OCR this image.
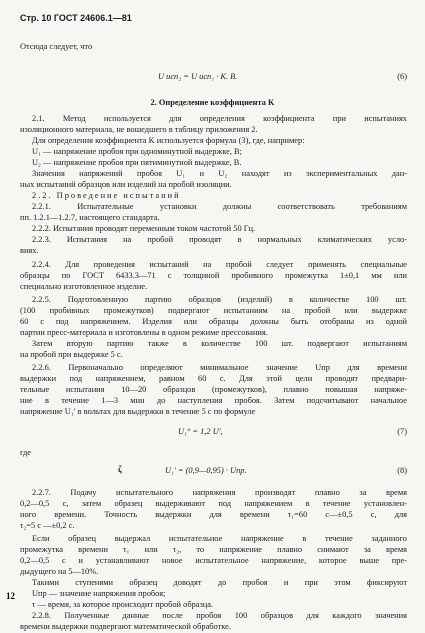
Стр. 10 ГОСТ 24606.1—81
Отсюда следует, что
U исп₂ = U исп₁ · K. В.	(6)
2. Определение коэффициента K
2.1. Метод используется для определения коэффициента при испытаниях
изоляционного материала, не вошедшего в таблицу приложения 2.
Для определения коэффициента K используется формула (3), где, например:
U₁ — напряжение пробоя при одноминутной выдержке, В;
U₂ — напряжение пробоя при пятиминутной выдержке, В.
Значения напряжений пробоя U₁ и U₂ находят из экспериментальных дан-
ных испытаний образцов или изделий на пробой изоляции.
2.2. Проведение испытаний
2.2.1. Испытательные установки должны соответствовать требованиям
пп. 1.2.1—1.2.7, настоящего стандарта.
2.2.2. Испытания проводят переменным током частотой 50 Гц.
2.2.3. Испытания на пробой проводят в нормальных климатических усло-
виях.
2.2.4. Для проведения испытаний на пробой следует применять специальные
образцы по ГОСТ 6433.3—71 с толщиной пробивного промежутка 1±0,1 мм или
специально изготовленное изделие.
2.2.5. Подготовленную партию образцов (изделий) в количестве 100 шт.
(100 пробивных промежутков) подвергают испытаниям на пробой или выдержке
60 с под напряжением. Изделия или образцы должны быть отобраны из одной
партии пресс-материала и изготовлены в одном режиме прессования.
Затем вторую партию также в количестве 100 шт. подвергают испытаниям
на пробой при выдержке 5 с.
2.2.6. Первоначально определяют минимальное значение Uпр для времени
выдержки под напряжением, равном 60 с. Для этой цели проводят предвари-
тельные испытания 10—20 образцов (промежутков), плавно повышая напряже-
ние в течение 1—3 мин до наступления пробоя. Затем подсчитывают начальное
напряжение U₁′ в вольтах для выдержки в течение 5 с по формуле
U₁° = 1,2 U′,	(7)
где
ζ	U₁′ = (0,9—0,95) · Uпр.	(8)
2.2.7. Подачу испытательного напряжения производят плавно за время
0,2—0,5 с, затем образец выдерживают под напряжением в течение установлен-
ного времени. Точность выдержки для времени τ₁=60 с—±0,5 с, для
τ₂=5 с —±0,2 с.
Если образец выдержал испытательное напряжение в течение заданного
промежутка времени τ₁ или τ₂, то напряжение плавно снимают за время
0,2—0,5 с и устанавливают новое испытательное напряжение, которое выше пре-
дыдущего на 5—10%.
Такими ступенями образец доводят до пробоя и при этом фиксируют
Uпр — значение напряжения пробоя;
τ — время, за которое происходит пробой образца.
2.2.8. Полученные данные после пробоя 100 образцов для каждого значения
времени выдержки подвергают математической обработке.
12
